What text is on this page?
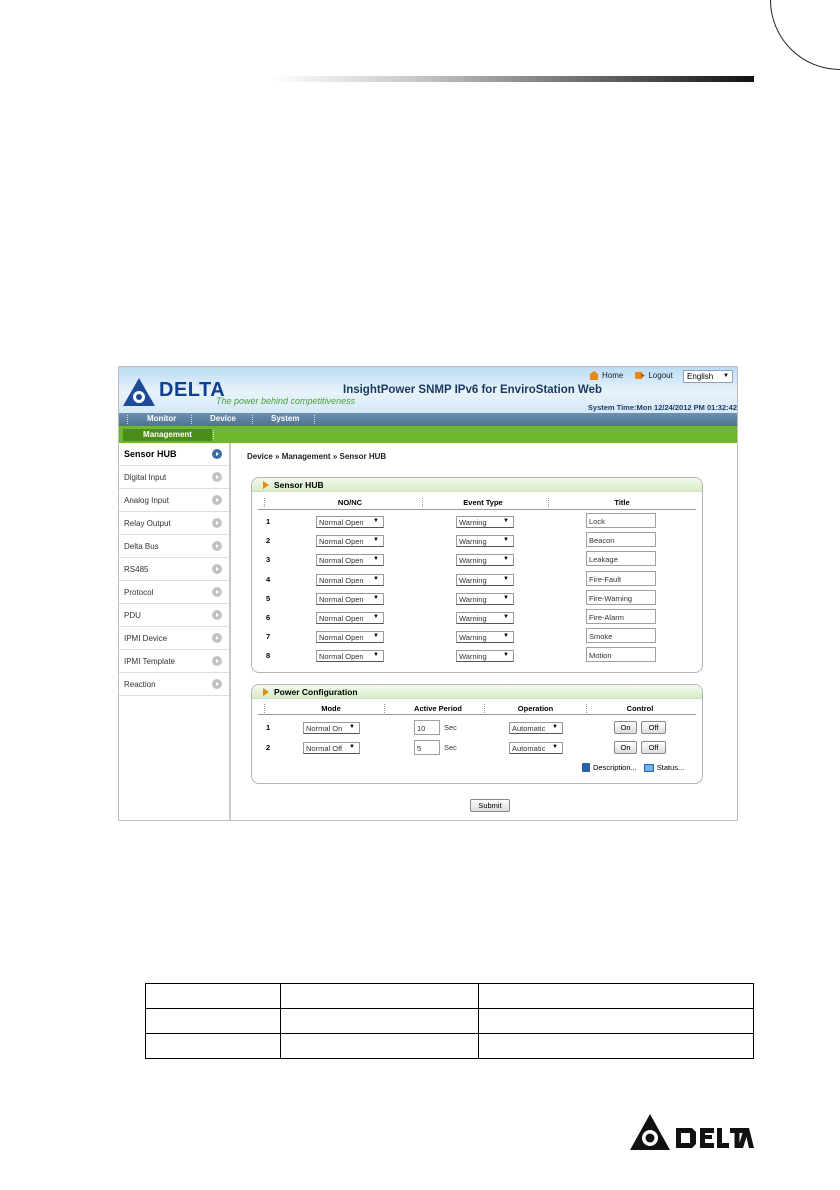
DELTA
The power behind competitiveness
InsightPower SNMP IPv6 for EnviroStation Web
Home	Logout	English ▼
System Time:Mon 12/24/2012 PM 01:32:42
Monitor	Device	System
Management
Sensor HUB
Digital Input
Analog Input
Relay Output
Delta Bus
RS485
Protocol
PDU
IPMI Device
IPMI Template
Reaction
Device » Management » Sensor HUB
Sensor HUB
NO/NC	Event Type	Title
1	Normal Open ▼	Warning	▼	Lock
2	Normal Open ▼	Warning	▼	Beacon
3	Normal Open ▼	Warning	▼	Leakage
4	Normal Open ▼	Warning	▼	Fire-Fault
5	Normal Open ▼	Warning	▼	Fire-Warning
6	Normal Open ▼	Warning	▼	Fire-Alarm
7	Normal Open ▼	Warning	▼	Smoke
8	Normal Open ▼	Warning	▼	Motion
Power Configuration
Mode	Active Period	Operation	Control
1	Normal On ▼	10	Sec	Automatic ▼	On	Off
2	Normal Off ▼	5	Sec	Automatic ▼	On	Off
Description...	Status...
Submit
